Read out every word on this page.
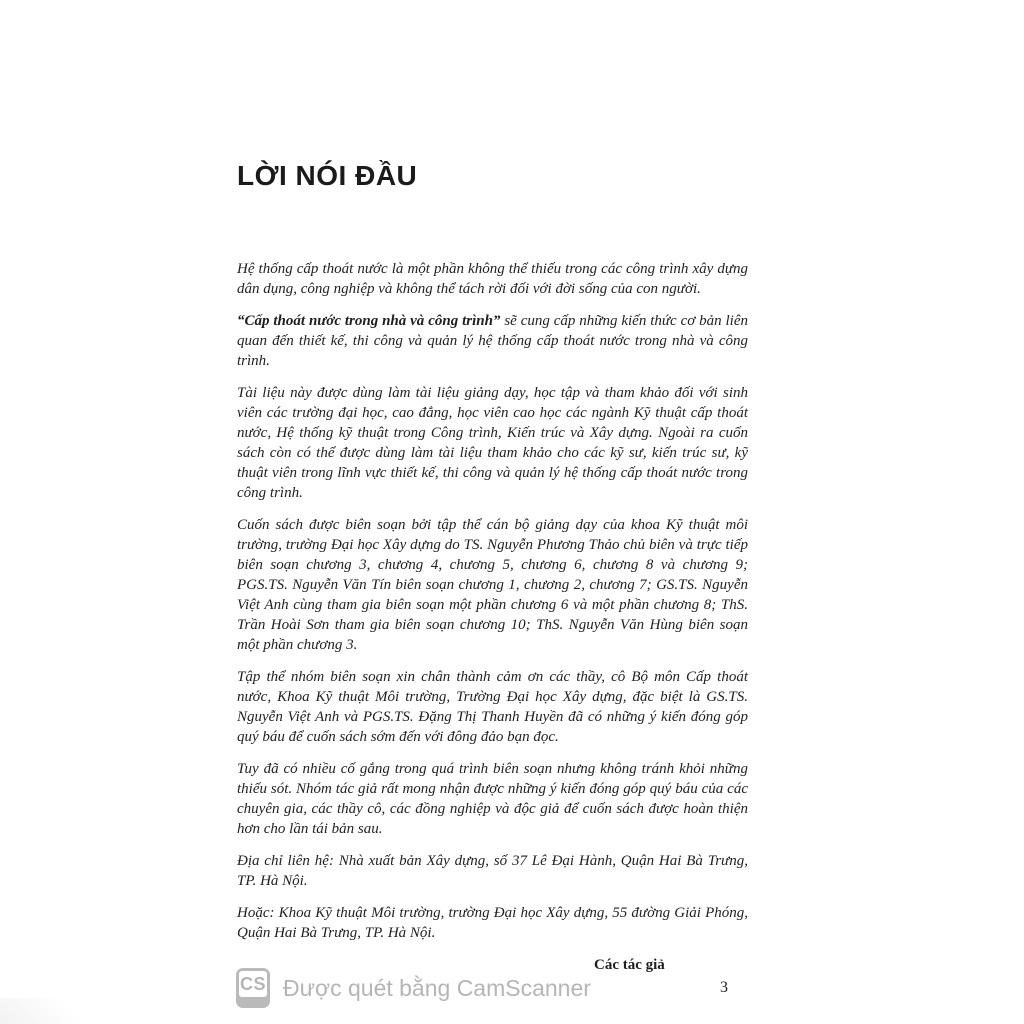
LỜI NÓI ĐẦU

Hệ thống cấp thoát nước là một phần không thể thiếu trong các công trình xây dựng dân dụng, công nghiệp và không thể tách rời đối với đời sống của con người.

“Cấp thoát nước trong nhà và công trình” sẽ cung cấp những kiến thức cơ bản liên quan đến thiết kế, thi công và quản lý hệ thống cấp thoát nước trong nhà và công trình.

Tài liệu này được dùng làm tài liệu giảng dạy, học tập và tham khảo đối với sinh viên các trường đại học, cao đẳng, học viên cao học các ngành Kỹ thuật cấp thoát nước, Hệ thống kỹ thuật trong Công trình, Kiến trúc và Xây dựng. Ngoài ra cuốn sách còn có thể được dùng làm tài liệu tham khảo cho các kỹ sư, kiến trúc sư, kỹ thuật viên trong lĩnh vực thiết kế, thi công và quản lý hệ thống cấp thoát nước trong công trình.

Cuốn sách được biên soạn bởi tập thể cán bộ giảng dạy của khoa Kỹ thuật môi trường, trường Đại học Xây dựng do TS. Nguyễn Phương Thảo chủ biên và trực tiếp biên soạn chương 3, chương 4, chương 5, chương 6, chương 8 và chương 9; PGS.TS. Nguyễn Văn Tín biên soạn chương 1, chương 2, chương 7; GS.TS. Nguyễn Việt Anh cùng tham gia biên soạn một phần chương 6 và một phần chương 8; ThS. Trần Hoài Sơn tham gia biên soạn chương 10; ThS. Nguyễn Văn Hùng biên soạn một phần chương 3.

Tập thể nhóm biên soạn xin chân thành cảm ơn các thầy, cô Bộ môn Cấp thoát nước, Khoa Kỹ thuật Môi trường, Trường Đại học Xây dựng, đặc biệt là GS.TS. Nguyễn Việt Anh và PGS.TS. Đặng Thị Thanh Huyền đã có những ý kiến đóng góp quý báu để cuốn sách sớm đến với đông đảo bạn đọc.

Tuy đã có nhiều cố gắng trong quá trình biên soạn nhưng không tránh khỏi những thiếu sót. Nhóm tác giả rất mong nhận được những ý kiến đóng góp quý báu của các chuyên gia, các thầy cô, các đồng nghiệp và độc giả để cuốn sách được hoàn thiện hơn cho lần tái bản sau.

Địa chỉ liên hệ: Nhà xuất bản Xây dựng, số 37 Lê Đại Hành, Quận Hai Bà Trưng, TP. Hà Nội.

Hoặc: Khoa Kỹ thuật Môi trường, trường Đại học Xây dựng, 55 đường Giải Phóng, Quận Hai Bà Trưng, TP. Hà Nội.

Các tác giả

CS Được quét bằng CamScanner	3
